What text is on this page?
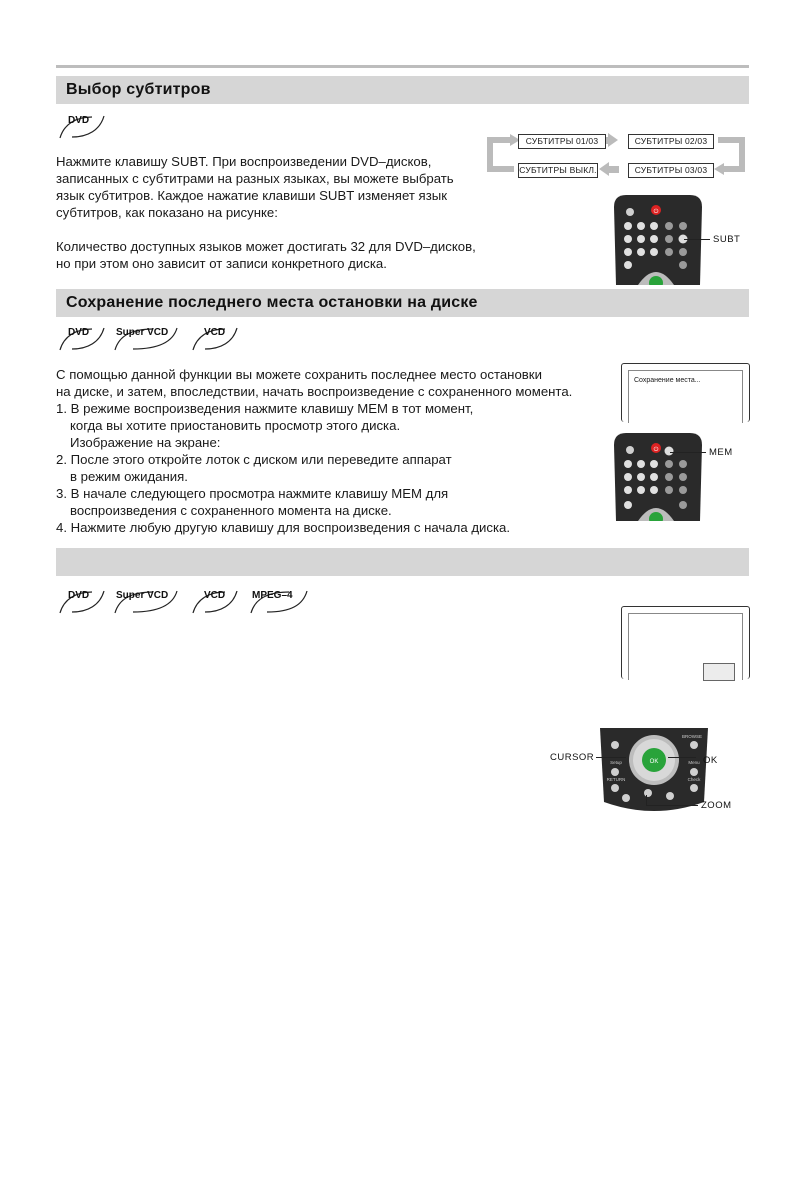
Выбор субтитров
DVD

Нажмите клавишу SUBT. При воспроизведении DVD–дисков,

записанных с субтитрами на разных языках, вы можете выбрать

язык субтитров. Каждое нажатие клавиши SUBT изменяет язык

субтитров, как показано на рисунке:

Количество доступных языков может достигать 32 для DVD–дисков,

но при этом оно зависит от записи конкретного диска.

СУБТИТРЫ 01/03	СУБТИТРЫ 02/03
СУБТИТРЫ 03/03
СУБТИТРЫ ВЫКЛ.
⏻
SUBT
Сохранение последнего места остановки на диске
DVD	Super VCD	VCD

С помощью данной функции вы можете сохранить последнее место остановки

на диске, и затем, впоследствии, начать воспроизведение с сохраненного момента.

1. В режиме воспроизведения нажмите клавишу MEM в тот момент,

когда вы хотите приостановить просмотр этого диска.

Изображение на экране:

2. После этого откройте лоток с диском или переведите аппарат

в режим ожидания.

3. В начале следующего просмотра нажмите клавишу MEM для

воспроизведения с сохраненного момента на диске.

4. Нажмите любую другую клавишу для воспроизведения с начала диска.

Сохранение места...
⏻	MEM
DVD	Super VCD	VCD	MPEG–4
OK
BROWSE
Setup	Menu
RETURN	Check
CURSOR	OK
ZOOM
